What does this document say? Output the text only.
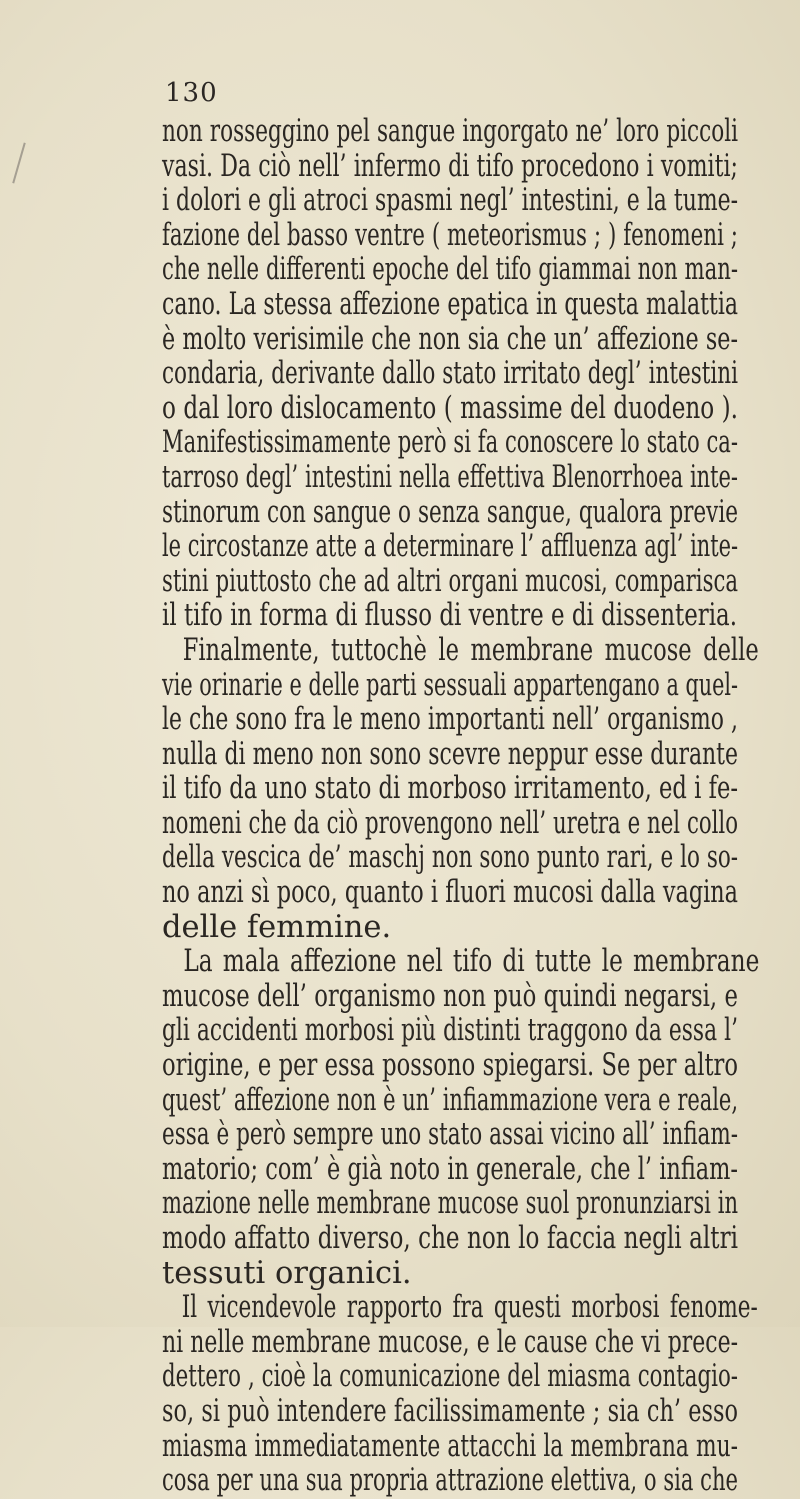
130
non rosseggino pel sangue ingorgato ne’ loro piccoli
vasi. Da ciò nell’ infermo di tifo procedono i vomiti;
i dolori e gli atroci spasmi negl’ intestini, e la tume-
fazione del basso ventre ( meteorismus ; ) fenomeni ;
che nelle differenti epoche del tifo giammai non man-
cano. La stessa affezione epatica in questa malattia
è molto verisimile che non sia che un’ affezione se-
condaria, derivante dallo stato irritato degl’ intestini
o dal loro dislocamento ( massime del duodeno ).
Manifestissimamente però si fa conoscere lo stato ca-
tarroso degl’ intestini nella effettiva Blenorrhoea inte-
stinorum con sangue o senza sangue, qualora previe
le circostanze atte a determinare l’ affluenza agl’ inte-
stini piuttosto che ad altri organi mucosi, comparisca
il tifo in forma di flusso di ventre e di dissenteria.
Finalmente, tuttochè le membrane mucose delle
vie orinarie e delle parti sessuali appartengano a quel-
le che sono fra le meno importanti nell’ organismo ,
nulla di meno non sono scevre neppur esse durante
il tifo da uno stato di morboso irritamento, ed i fe-
nomeni che da ciò provengono nell’ uretra e nel collo
della vescica de’ maschj non sono punto rari, e lo so-
no anzi sì poco, quanto i fluori mucosi dalla vagina
delle femmine.
La mala affezione nel tifo di tutte le membrane
mucose dell’ organismo non può quindi negarsi, e
gli accidenti morbosi più distinti traggono da essa l’
origine, e per essa possono spiegarsi. Se per altro
quest’ affezione non è un’ infiammazione vera e reale,
essa è però sempre uno stato assai vicino all’ infiam-
matorio; com’ è già noto in generale, che l’ infiam-
mazione nelle membrane mucose suol pronunziarsi in
modo affatto diverso, che non lo faccia negli altri
tessuti organici.
Il vicendevole rapporto fra questi morbosi fenome-
ni nelle membrane mucose, e le cause che vi prece-
dettero , cioè la comunicazione del miasma contagio-
so, si può intendere facilissimamente ; sia ch’ esso
miasma immediatamente attacchi la membrana mu-
cosa per una sua propria attrazione elettiva, o sia che
